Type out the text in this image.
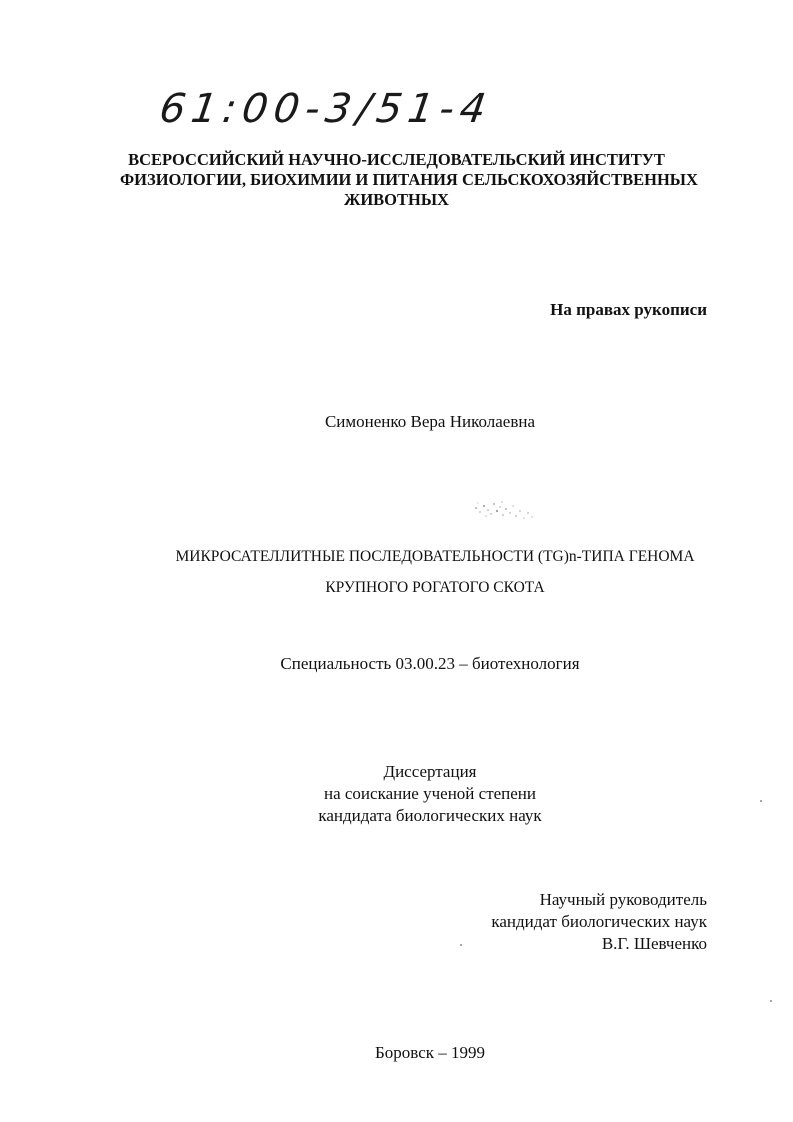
61:00-3/51-4
ВСЕРОССИЙСКИЙ НАУЧНО-ИССЛЕДОВАТЕЛЬСКИЙ ИНСТИТУТ
ФИЗИОЛОГИИ, БИОХИМИИ И ПИТАНИЯ СЕЛЬСКОХОЗЯЙСТВЕННЫХ
ЖИВОТНЫХ
На правах рукописи
Симоненко Вера Николаевна
МИКРОСАТЕЛЛИТНЫЕ ПОСЛЕДОВАТЕЛЬНОСТИ (TG)n-ТИПА ГЕНОМА
КРУПНОГО РОГАТОГО СКОТА
Специальность 03.00.23 – биотехнология
Диссертация
на соискание ученой степени
кандидата биологических наук
Научный руководитель
кандидат биологических наук
В.Г. Шевченко
Боровск – 1999
